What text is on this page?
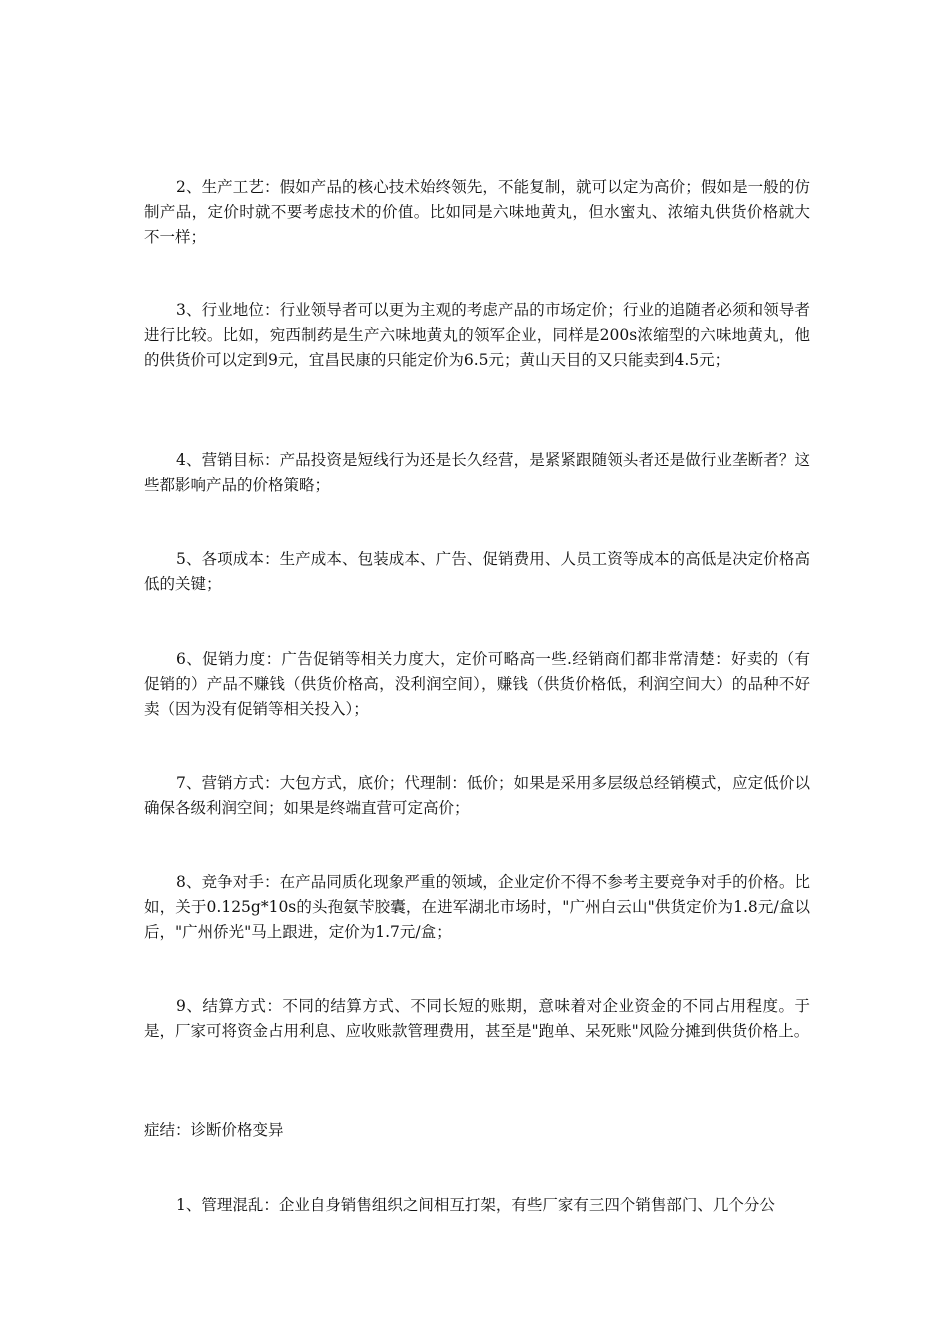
2、生产工艺：假如产品的核心技术始终领先，不能复制，就可以定为高价；假如是一般的仿制产品，定价时就不要考虑技术的价值。比如同是六味地黄丸，但水蜜丸、浓缩丸供货价格就大不一样；

3、行业地位：行业领导者可以更为主观的考虑产品的市场定价；行业的追随者必须和领导者进行比较。比如，宛西制药是生产六味地黄丸的领军企业，同样是200s浓缩型的六味地黄丸，他的供货价可以定到9元，宜昌民康的只能定价为6.5元；黄山天目的又只能卖到4.5元；

4、营销目标：产品投资是短线行为还是长久经营，是紧紧跟随领头者还是做行业垄断者？这些都影响产品的价格策略；

5、各项成本：生产成本、包装成本、广告、促销费用、人员工资等成本的高低是决定价格高低的关键；

6、促销力度：广告促销等相关力度大，定价可略高一些.经销商们都非常清楚：好卖的（有促销的）产品不赚钱（供货价格高，没利润空间），赚钱（供货价格低，利润空间大）的品种不好卖（因为没有促销等相关投入）；

7、营销方式：大包方式，底价；代理制：低价；如果是采用多层级总经销模式，应定低价以确保各级利润空间；如果是终端直营可定高价；

8、竞争对手：在产品同质化现象严重的领域，企业定价不得不参考主要竞争对手的价格。比如，关于0.125g*10s的头孢氨苄胶囊，在进军湖北市场时，"广州白云山"供货定价为1.8元/盒以后，"广州侨光"马上跟进，定价为1.7元/盒；

9、结算方式：不同的结算方式、不同长短的账期，意味着对企业资金的不同占用程度。于是，厂家可将资金占用利息、应收账款管理费用，甚至是"跑单、呆死账"风险分摊到供货价格上。

症结：诊断价格变异

1、管理混乱：企业自身销售组织之间相互打架，有些厂家有三四个销售部门、几个分公
